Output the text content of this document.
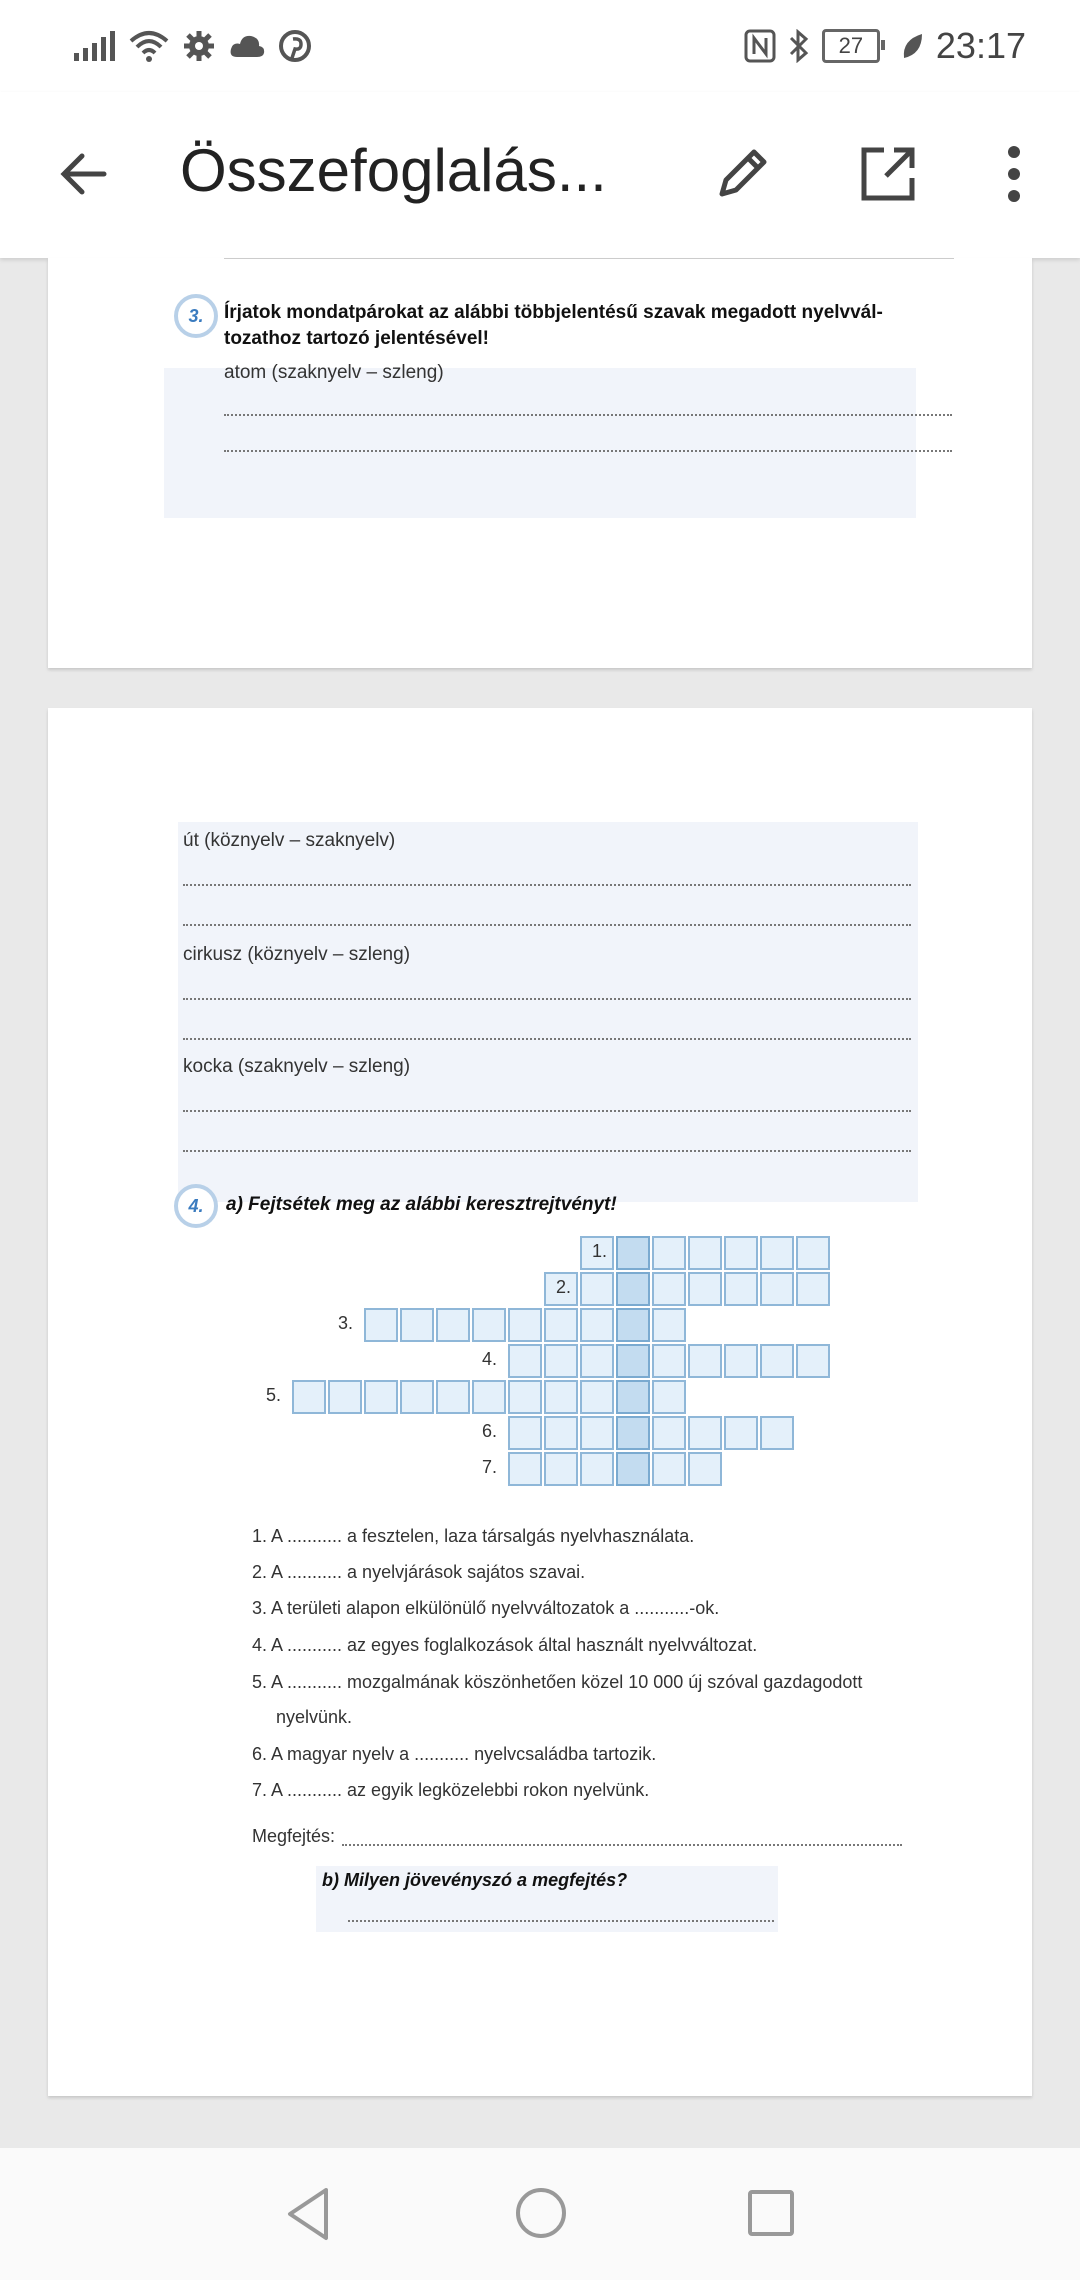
27	23:17
Összefoglalás...
3.	Írjatok mondatpárokat az alábbi többjelentésű szavak megadott nyelvvál-
tozathoz tartozó jelentésével!
atom (szaknyelv – szleng)
út (köznyelv – szaknyelv)
cirkusz (köznyelv – szleng)
kocka (szaknyelv – szleng)
4.	a) Fejtsétek meg az alábbi keresztrejtvényt!
1.
2.
3.
4.
5.
6.
7.
1. A ........... a fesztelen, laza társalgás nyelvhasználata.
2. A ........... a nyelvjárások sajátos szavai.
3. A területi alapon elkülönülő nyelvváltozatok a ...........-ok.
4. A ........... az egyes foglalkozások által használt nyelvváltozat.
5. A ........... mozgalmának köszönhetően közel 10 000 új szóval gazdagodott
nyelvünk.
6. A magyar nyelv a ........... nyelvcsaládba tartozik.
7. A ........... az egyik legközelebbi rokon nyelvünk.
Megfejtés:
b) Milyen jövevényszó a megfejtés?
